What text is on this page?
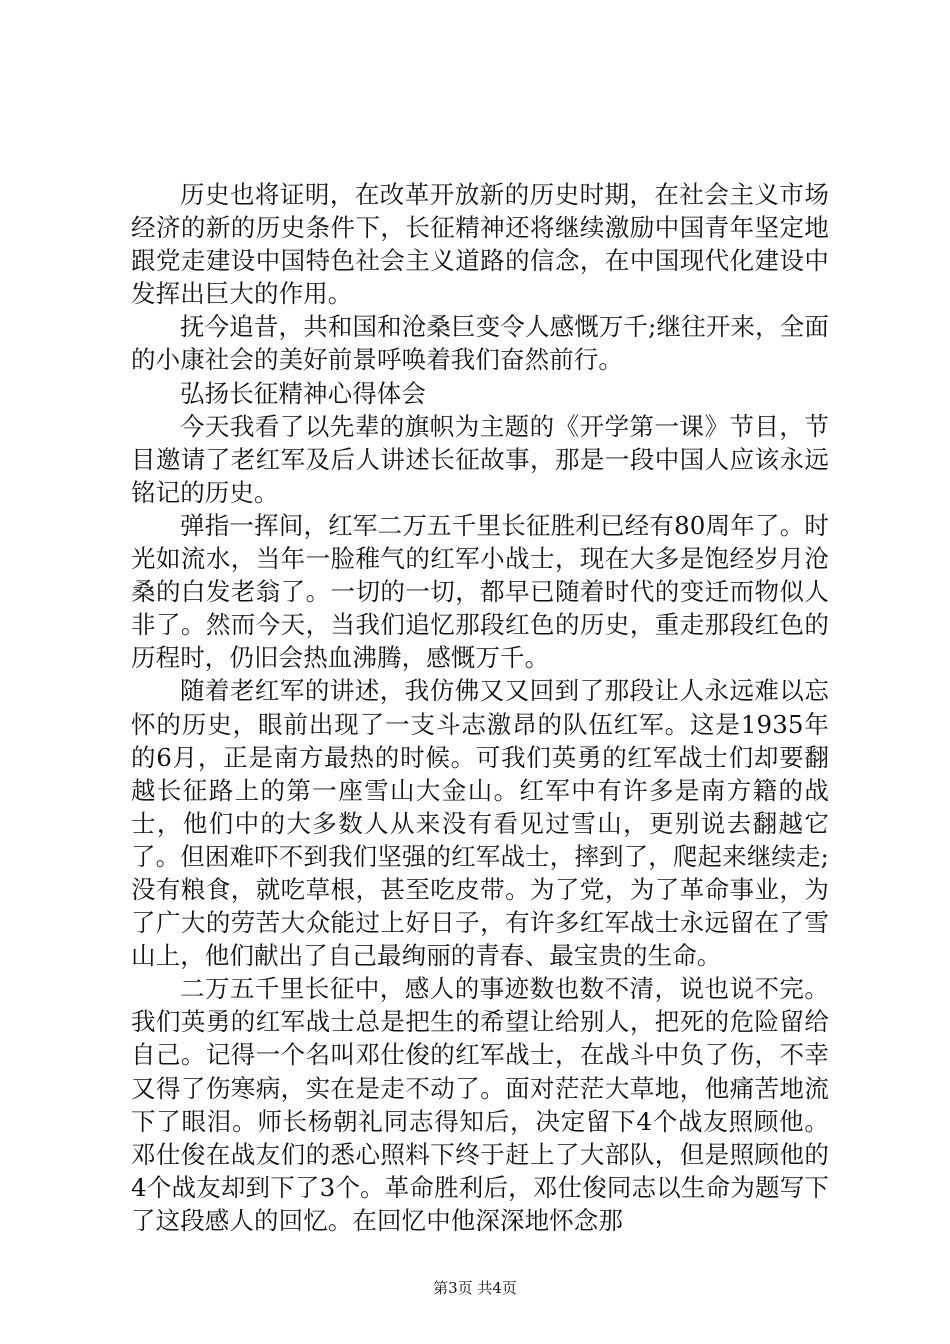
历史也将证明，在改革开放新的历史时期，在社会主义市场经济的新的历史条件下，长征精神还将继续激励中国青年坚定地跟党走建设中国特色社会主义道路的信念，在中国现代化建设中发挥出巨大的作用。

抚今追昔，共和国和沧桑巨变令人感慨万千;继往开来，全面的小康社会的美好前景呼唤着我们奋然前行。

弘扬长征精神心得体会

今天我看了以先辈的旗帜为主题的《开学第一课》节目，节目邀请了老红军及后人讲述长征故事，那是一段中国人应该永远铭记的历史。

弹指一挥间，红军二万五千里长征胜利已经有80周年了。时光如流水，当年一脸稚气的红军小战士，现在大多是饱经岁月沧桑的白发老翁了。一切的一切，都早已随着时代的变迁而物似人非了。然而今天，当我们追忆那段红色的历史，重走那段红色的历程时，仍旧会热血沸腾，感慨万千。

随着老红军的讲述，我仿佛又又回到了那段让人永远难以忘怀的历史，眼前出现了一支斗志激昂的队伍红军。这是1935年的6月，正是南方最热的时候。可我们英勇的红军战士们却要翻越长征路上的第一座雪山大金山。红军中有许多是南方籍的战士，他们中的大多数人从来没有看见过雪山，更别说去翻越它了。但困难吓不到我们坚强的红军战士，摔到了，爬起来继续走;没有粮食，就吃草根，甚至吃皮带。为了党，为了革命事业，为了广大的劳苦大众能过上好日子，有许多红军战士永远留在了雪山上，他们献出了自己最绚丽的青春、最宝贵的生命。

二万五千里长征中，感人的事迹数也数不清，说也说不完。我们英勇的红军战士总是把生的希望让给别人，把死的危险留给自己。记得一个名叫邓仕俊的红军战士，在战斗中负了伤，不幸又得了伤寒病，实在是走不动了。面对茫茫大草地，他痛苦地流下了眼泪。师长杨朝礼同志得知后，决定留下4个战友照顾他。邓仕俊在战友们的悉心照料下终于赶上了大部队，但是照顾他的4个战友却到下了3个。革命胜利后，邓仕俊同志以生命为题写下了这段感人的回忆。在回忆中他深深地怀念那

第3页 共4页
